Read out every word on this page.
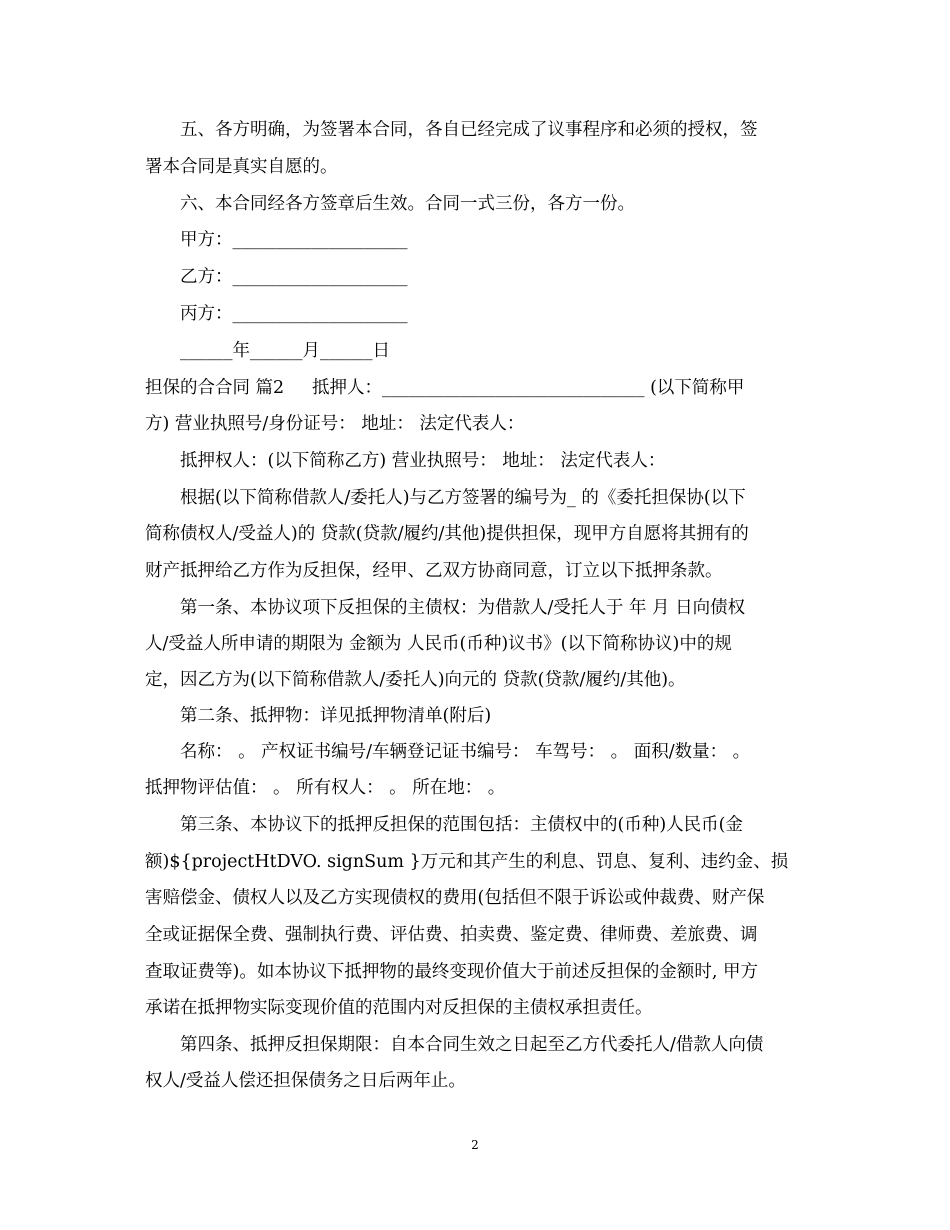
五、各方明确，为签署本合同，各自已经完成了议事程序和必须的授权，签
署本合同是真实自愿的。
六、本合同经各方签章后生效。合同一式三份，各方一份。
甲方：____________________
乙方：____________________
丙方：____________________
______年______月______日
担保的合合同 篇2     抵押人：______________________________ (以下简称甲
方) 营业执照号/身份证号： 地址： 法定代表人：
抵押权人：(以下简称乙方) 营业执照号： 地址： 法定代表人：
根据(以下简称借款人/委托人)与乙方签署的编号为_ 的《委托担保协(以下
简称债权人/受益人)的 贷款(贷款/履约/其他)提供担保，现甲方自愿将其拥有的
财产抵押给乙方作为反担保，经甲、乙双方协商同意，订立以下抵押条款。
第一条、本协议项下反担保的主债权：为借款人/受托人于 年 月 日向债权
人/受益人所申请的期限为 金额为 人民币(币种)议书》(以下简称协议)中的规
定，因乙方为(以下简称借款人/委托人)向元的 贷款(贷款/履约/其他)。
第二条、抵押物：详见抵押物清单(附后)
名称： 。 产权证书编号/车辆登记证书编号： 车驾号： 。 面积/数量： 。
抵押物评估值： 。 所有权人： 。 所在地： 。
第三条、本协议下的抵押反担保的范围包括：主债权中的(币种)人民币(金
额)${projectHtDVO. signSum }万元和其产生的利息、罚息、复利、违约金、损
害赔偿金、债权人以及乙方实现债权的费用(包括但不限于诉讼或仲裁费、财产保
全或证据保全费、强制执行费、评估费、拍卖费、鉴定费、律师费、差旅费、调
查取证费等)。如本协议下抵押物的最终变现价值大于前述反担保的金额时, 甲方
承诺在抵押物实际变现价值的范围内对反担保的主债权承担责任。
第四条、抵押反担保期限：自本合同生效之日起至乙方代委托人/借款人向债
权人/受益人偿还担保债务之日后两年止。
2
